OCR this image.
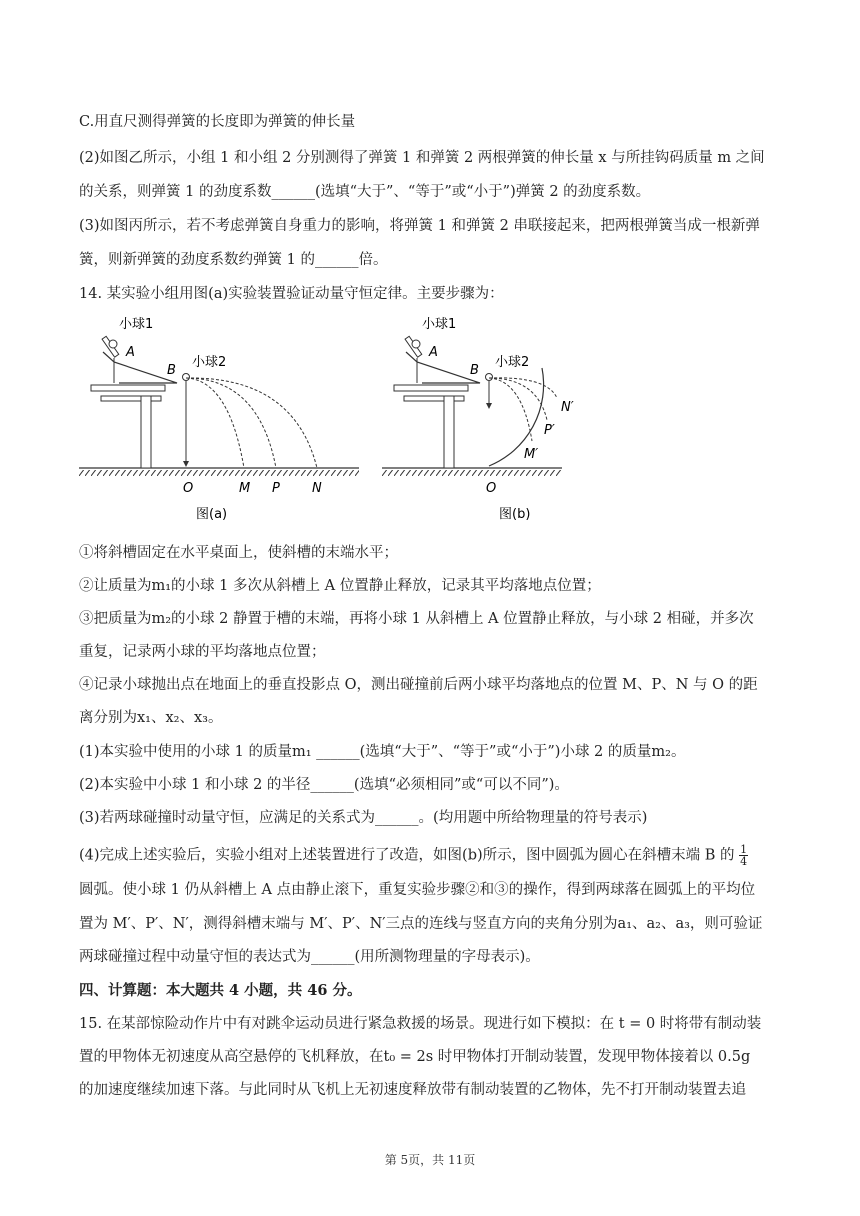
C.用直尺测得弹簧的长度即为弹簧的伸长量
(2)如图乙所示，小组 1 和小组 2 分别测得了弹簧 1 和弹簧 2 两根弹簧的伸长量 x 与所挂钩码质量 m 之间
的关系，则弹簧 1 的劲度系数______(选填“大于”、“等于”或“小于”)弹簧 2 的劲度系数。
(3)如图丙所示，若不考虑弹簧自身重力的影响，将弹簧 1 和弹簧 2 串联接起来，把两根弹簧当成一根新弹
簧，则新弹簧的劲度系数约弹簧 1 的______倍。
14. 某实验小组用图(a)实验装置验证动量守恒定律。主要步骤为：
小球1
A
小球2
B
O	M P N
图(a)
小球1
A
小球2
B
O
M′
P′
N′
图(b)
①将斜槽固定在水平桌面上，使斜槽的末端水平；
②让质量为m₁的小球 1 多次从斜槽上 A 位置静止释放，记录其平均落地点位置；
③把质量为m₂的小球 2 静置于槽的末端，再将小球 1 从斜槽上 A 位置静止释放，与小球 2 相碰，并多次
重复，记录两小球的平均落地点位置；
④记录小球抛出点在地面上的垂直投影点 O，测出碰撞前后两小球平均落地点的位置 M、P、N 与 O 的距
离分别为x₁、x₂、x₃。
(1)本实验中使用的小球 1 的质量m₁ ______(选填“大于”、“等于”或“小于”)小球 2 的质量m₂。
(2)本实验中小球 1 和小球 2 的半径______(选填“必须相同”或“可以不同”)。
(3)若两球碰撞时动量守恒，应满足的关系式为______。(均用题中所给物理量的符号表示)
(4)完成上述实验后，实验小组对上述装置进行了改造，如图(b)所示，图中圆弧为圆心在斜槽末端 B 的 $\frac{1}{4}$
圆弧。使小球 1 仍从斜槽上 A 点由静止滚下，重复实验步骤②和③的操作，得到两球落在圆弧上的平均位
置为 M′、P′、N′，测得斜槽末端与 M′、P′、N′三点的连线与竖直方向的夹角分别为a₁、a₂、a₃，则可验证
两球碰撞过程中动量守恒的表达式为______(用所测物理量的字母表示)。
四、计算题：本大题共 4 小题，共 46 分。
15. 在某部惊险动作片中有对跳伞运动员进行紧急救援的场景。现进行如下模拟：在 t = 0 时将带有制动装
置的甲物体无初速度从高空悬停的飞机释放，在t₀ = 2s 时甲物体打开制动装置，发现甲物体接着以 0.5g
的加速度继续加速下落。与此同时从飞机上无初速度释放带有制动装置的乙物体，先不打开制动装置去追
第 5页，共 11页
